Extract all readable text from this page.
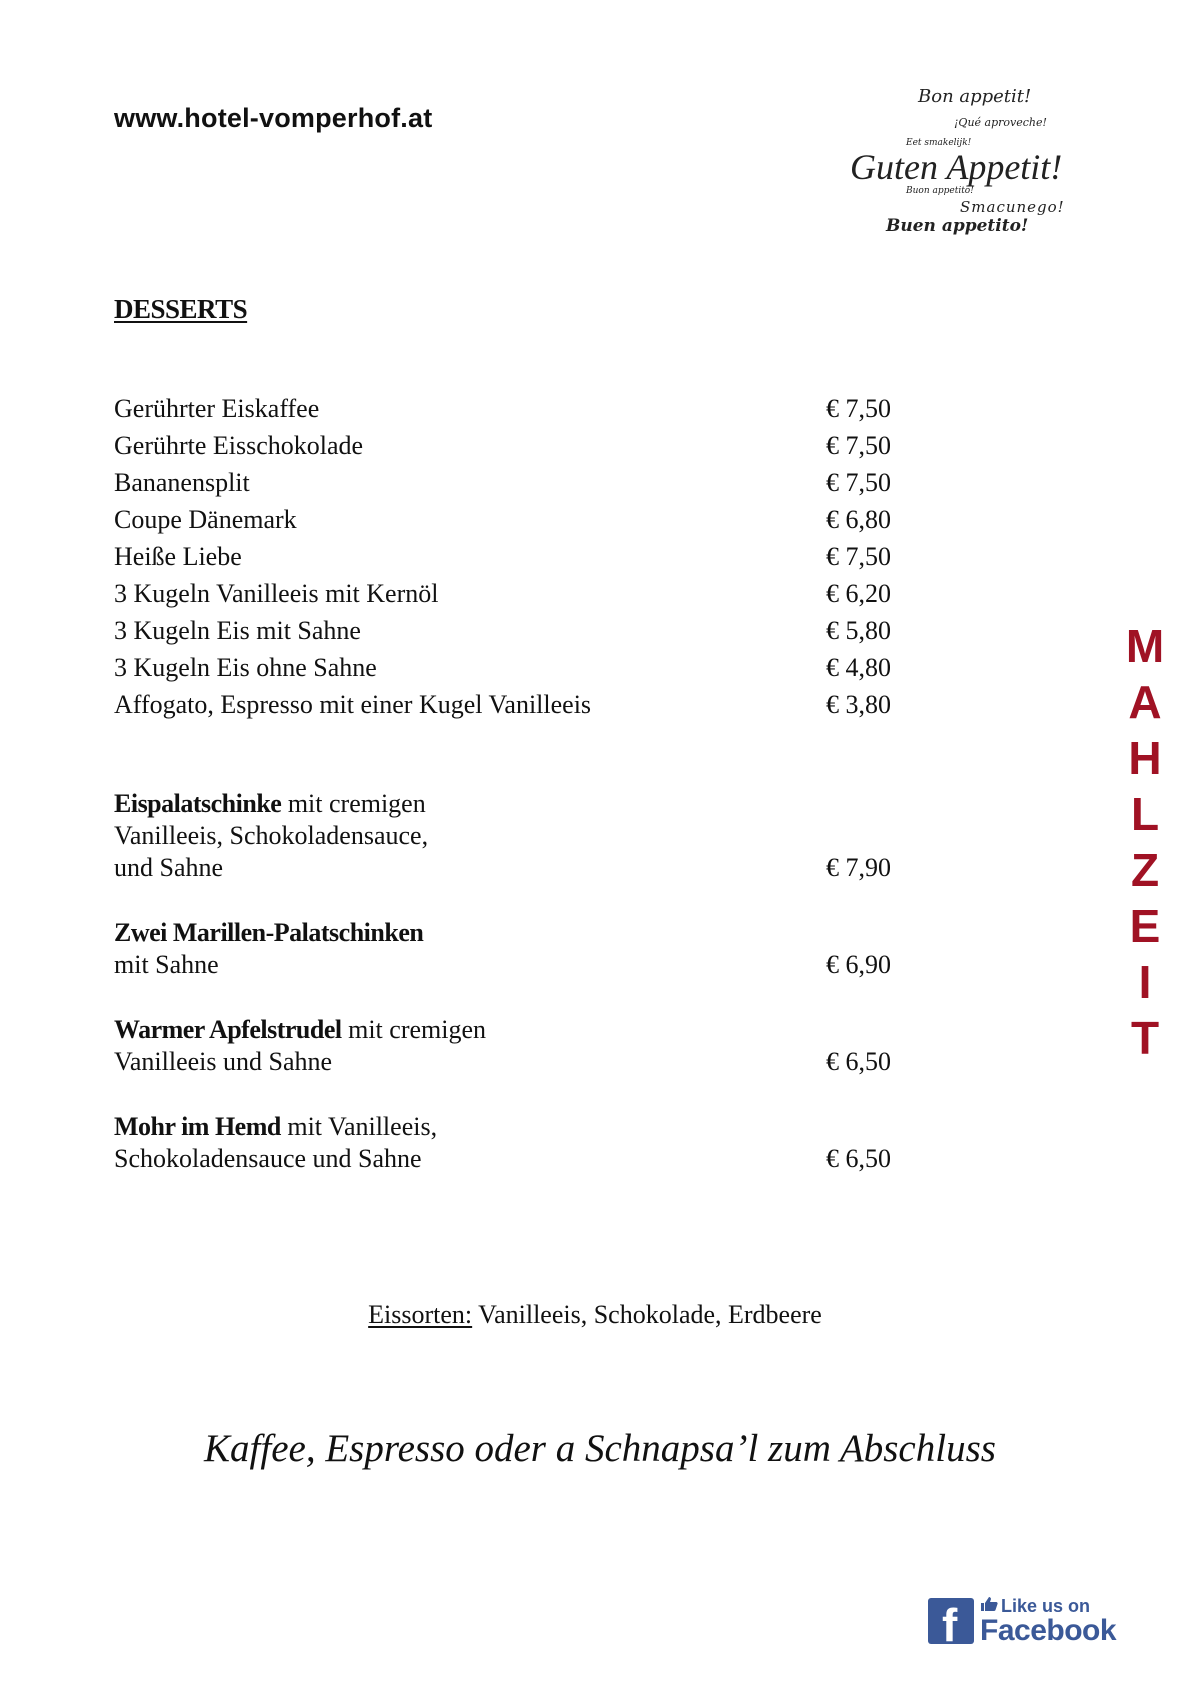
www.hotel-vomperhof.at
Bon appetit!
¡Qué aproveche!
Eet smakelijk!
Guten Appetit!
Buon appetito!
Smacunego!
Buen appetito!
DESSERTS
Gerührter Eiskaffee	€ 7,50
Gerührte Eisschokolade	€ 7,50
Bananensplit	€ 7,50
Coupe Dänemark	€ 6,80
Heiße Liebe	€ 7,50
3 Kugeln Vanilleeis mit Kernöl	€ 6,20
3 Kugeln Eis mit Sahne	€ 5,80
3 Kugeln Eis ohne Sahne	€ 4,80
Affogato, Espresso mit einer Kugel Vanilleeis	€ 3,80
Eispalatschinke mit cremigen
Vanilleeis, Schokoladensauce,
und Sahne	€ 7,90
Zwei Marillen-Palatschinken
mit Sahne	€ 6,90
Warmer Apfelstrudel mit cremigen
Vanilleeis und Sahne	€ 6,50
Mohr im Hemd mit Vanilleeis,
Schokoladensauce und Sahne	€ 6,50
M
A
H
L
Z
E
I
T
Eissorten: Vanilleeis, Schokolade, Erdbeere
Kaffee, Espresso oder a Schnapsa’l zum Abschluss
f	Like us on
Facebook
